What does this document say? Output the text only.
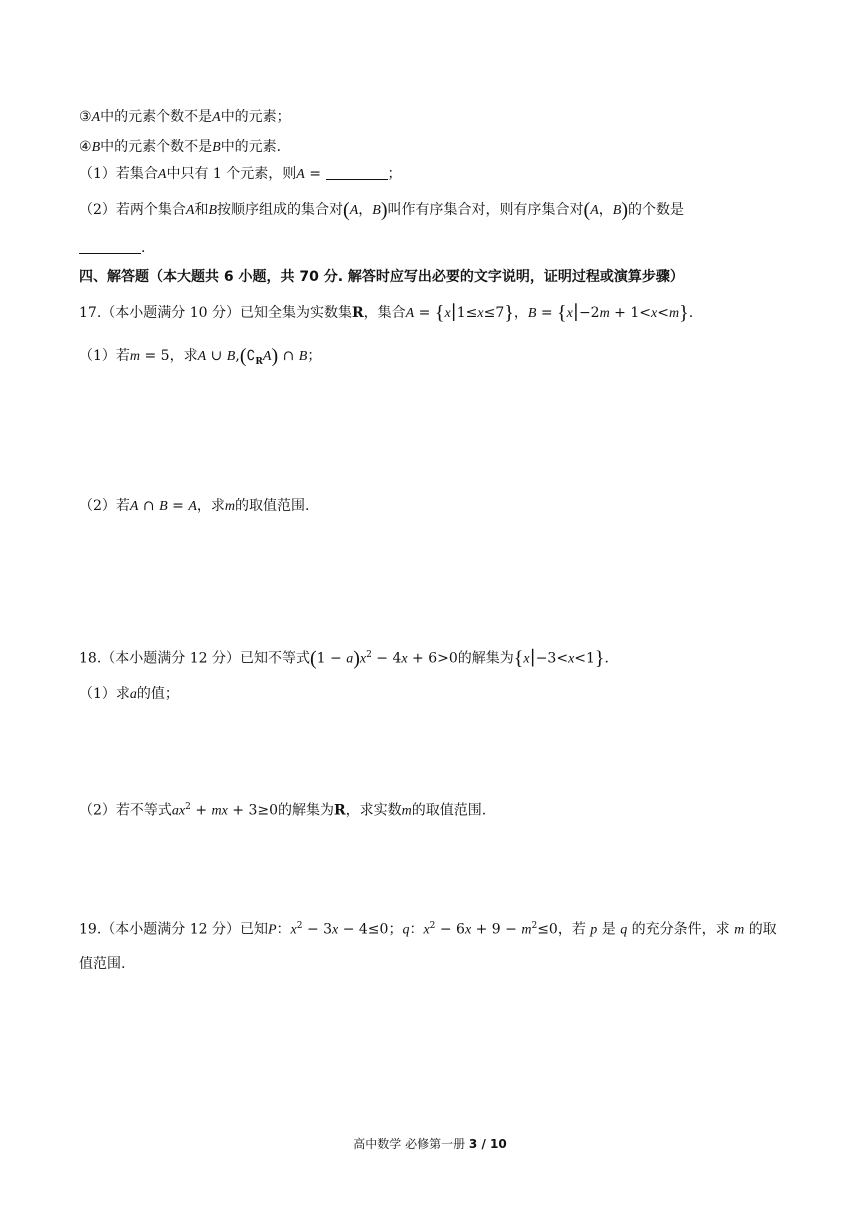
③A中的元素个数不是A中的元素；
④B中的元素个数不是B中的元素．
（1）若集合A中只有 1 个元素，则A =	；
（2）若两个集合A和B按顺序组成的集合对(A，B)叫作有序集合对，则有序集合对(A，B)的个数是
.
四、解答题（本大题共 6 小题，共 70 分. 解答时应写出必要的文字说明，证明过程或演算步骤）
17.（本小题满分 10 分）已知全集为实数集R，集合A = {x|1≤x≤7}，B = {x|−2m + 1<x<m}.
（1）若m = 5，求A ∪ $B,(∁_RA)$ ∩ B；
（2）若A ∩ B = A，求m的取值范围.
18.（本小题满分 12 分）已知不等式$(1 - a)x^2 - 4x + 6>0$的解集为{x|−3<x<1}.
（1）求a的值；
（2）若不等式$ax^2$ + mx + 3≥0的解集为R，求实数m的取值范围.
19.（本小题满分 12 分）已知P：$x^2 - 3x - 4\le 0$；q：$x^2 - 6x + 9 - m^2\le 0$，若 p 是 q 的充分条件，求 m 的取
值范围.
高中数学 必修第一册 3 / 10
